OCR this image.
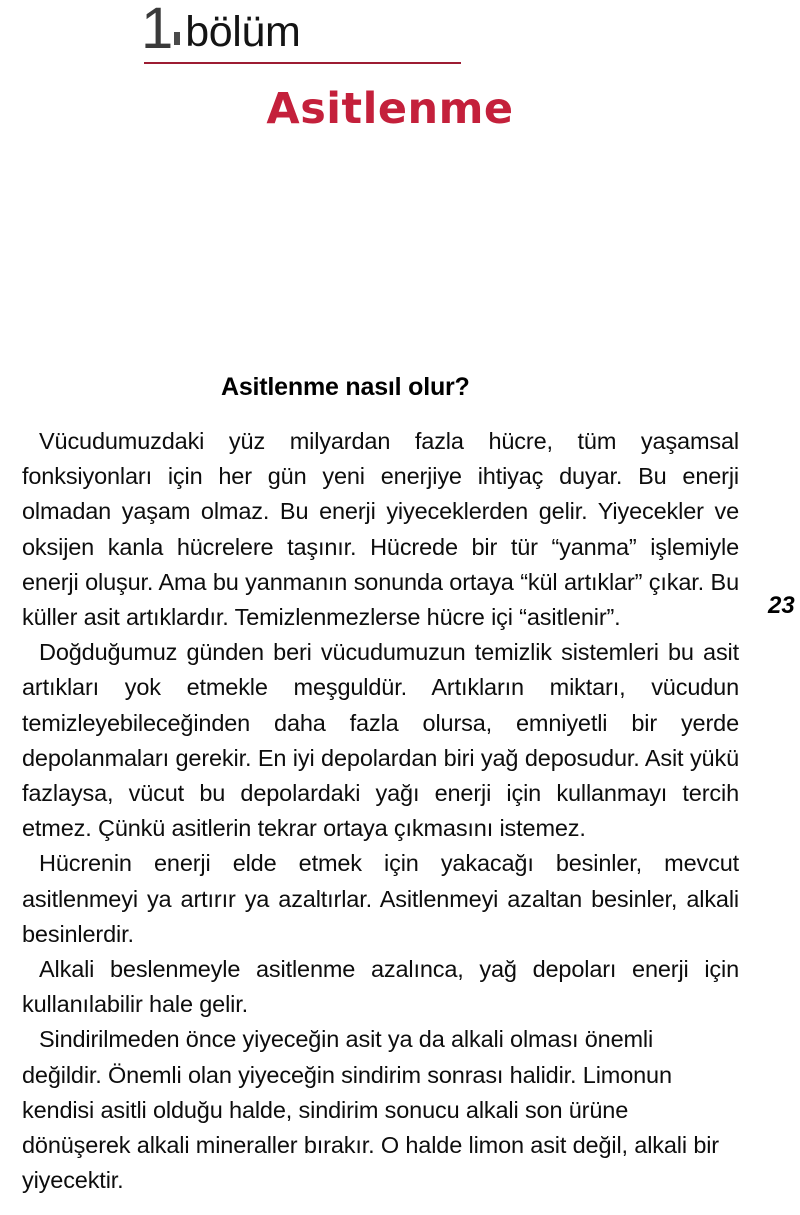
1 bölüm
Asitlenme
Asitlenme nasıl olur?
23

Vücudumuzdaki yüz milyardan fazla hücre, tüm yaşamsal fonksiyonları için her gün yeni enerjiye ihtiyaç duyar. Bu enerji olmadan yaşam olmaz. Bu enerji yiyeceklerden gelir. Yiyecekler ve oksijen kanla hücrelere taşınır. Hücrede bir tür “yanma” işlemiyle enerji oluşur. Ama bu yanmanın sonunda ortaya “kül artıklar” çıkar. Bu küller asit artıklardır. Temizlenmezlerse hücre içi “asitlenir”.

Doğduğumuz günden beri vücudumuzun temizlik sistemleri bu asit artıkları yok etmekle meşguldür. Artıkların miktarı, vücudun temizleyebileceğinden daha fazla olursa, emniyetli bir yerde depolanmaları gerekir. En iyi depolardan biri yağ deposudur. Asit yükü fazlaysa, vücut bu depolardaki yağı enerji için kullanmayı tercih etmez. Çünkü asitlerin tekrar ortaya çıkmasını istemez.

Hücrenin enerji elde etmek için yakacağı besinler, mevcut asitlenmeyi ya artırır ya azaltırlar. Asitlenmeyi azaltan besinler, alkali besinlerdir.

Alkali beslenmeyle asitlenme azalınca, yağ depoları enerji için kullanılabilir hale gelir.

Sindirilmeden önce yiyeceğin asit ya da alkali olması önemli değildir. Önemli olan yiyeceğin sindirim sonrası halidir. Limonun kendisi asitli olduğu halde, sindirim sonucu alkali son ürüne dönüşerek alkali mineraller bırakır. O halde limon asit değil, alkali bir yiyecektir.
